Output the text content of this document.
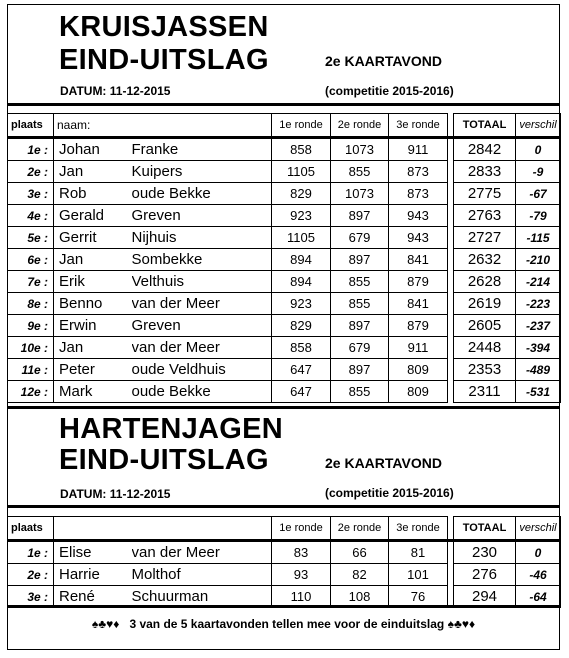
KRUISJASSEN
EIND-UITSLAG	2e KAARTAVOND
DATUM: 11-12-2015	(competitie 2015-2016)
plaats	naam:		1e ronde	2e ronde	3e ronde		TOTAAL	verschil
1e :	Johan	Franke	858	1073	911		2842	0
2e :	Jan	Kuipers	1105	855	873		2833	-9
3e :	Rob	oude Bekke	829	1073	873		2775	-67
4e :	Gerald	Greven	923	897	943		2763	-79
5e :	Gerrit	Nijhuis	1105	679	943		2727	-115
6e :	Jan	Sombekke	894	897	841		2632	-210
7e :	Erik	Velthuis	894	855	879		2628	-214
8e :	Benno	van der Meer	923	855	841		2619	-223
9e :	Erwin	Greven	829	897	879		2605	-237
10e :	Jan	van der Meer	858	679	911		2448	-394
11e :	Peter	oude Veldhuis	647	897	809		2353	-489
12e :	Mark	oude Bekke	647	855	809		2311	-531
HARTENJAGEN
EIND-UITSLAG	2e KAARTAVOND
DATUM: 11-12-2015	(competitie 2015-2016)
plaats			1e ronde	2e ronde	3e ronde		TOTAAL	verschil
1e :	Elise	van der Meer	83	66	81		230	0
2e :	Harrie	Molthof	93	82	101		276	-46
3e :	René	Schuurman	110	108	76		294	-64
♠♣♥♦ 3 van de 5 kaartavonden tellen mee voor de einduitslag ♠♣♥♦
